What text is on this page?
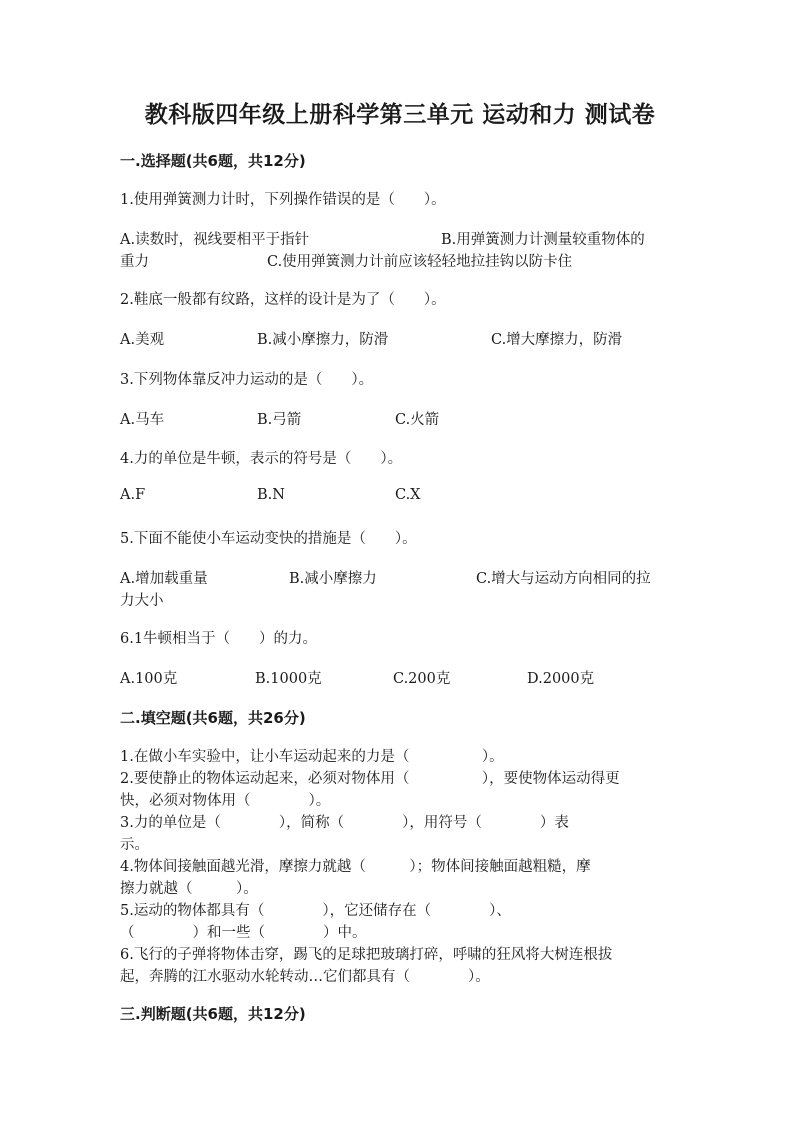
教科版四年级上册科学第三单元 运动和力 测试卷
一.选择题(共6题，共12分)
1.使用弹簧测力计时，下列操作错误的是（　　）。
A.读数时，视线要相平于指针	B.用弹簧测力计测量较重物体的
重力	C.使用弹簧测力计前应该轻轻地拉挂钩以防卡住
2.鞋底一般都有纹路，这样的设计是为了（　　）。
A.美观	B.减小摩擦力，防滑	C.增大摩擦力，防滑
3.下列物体靠反冲力运动的是（　　）。
A.马车	B.弓箭	C.火箭
4.力的单位是牛顿，表示的符号是（　　）。
A.F	B.N	C.X
5.下面不能使小车运动变快的措施是（　　）。
A.增加载重量	B.减小摩擦力	C.增大与运动方向相同的拉
力大小
6.1牛顿相当于（　　）的力。
A.100克	B.1000克	C.200克	D.2000克
二.填空题(共6题，共26分)
1.在做小车实验中，让小车运动起来的力是（　　　　　）。
2.要使静止的物体运动起来，必须对物体用（　　　　　），要使物体运动得更
快，必须对物体用（　　　　）。
3.力的单位是（　　　　），简称（　　　　），用符号（　　　　）表
示。
4.物体间接触面越光滑，摩擦力就越（　　　）；物体间接触面越粗糙，摩
擦力就越（　　　）。
5.运动的物体都具有（　　　　），它还储存在（　　　　）、
（　　　　）和一些（　　　　）中。
6.飞行的子弹将物体击穿，踢飞的足球把玻璃打碎，呼啸的狂风将大树连根拔
起，奔腾的江水驱动水轮转动…它们都具有（　　　　）。
三.判断题(共6题，共12分)
